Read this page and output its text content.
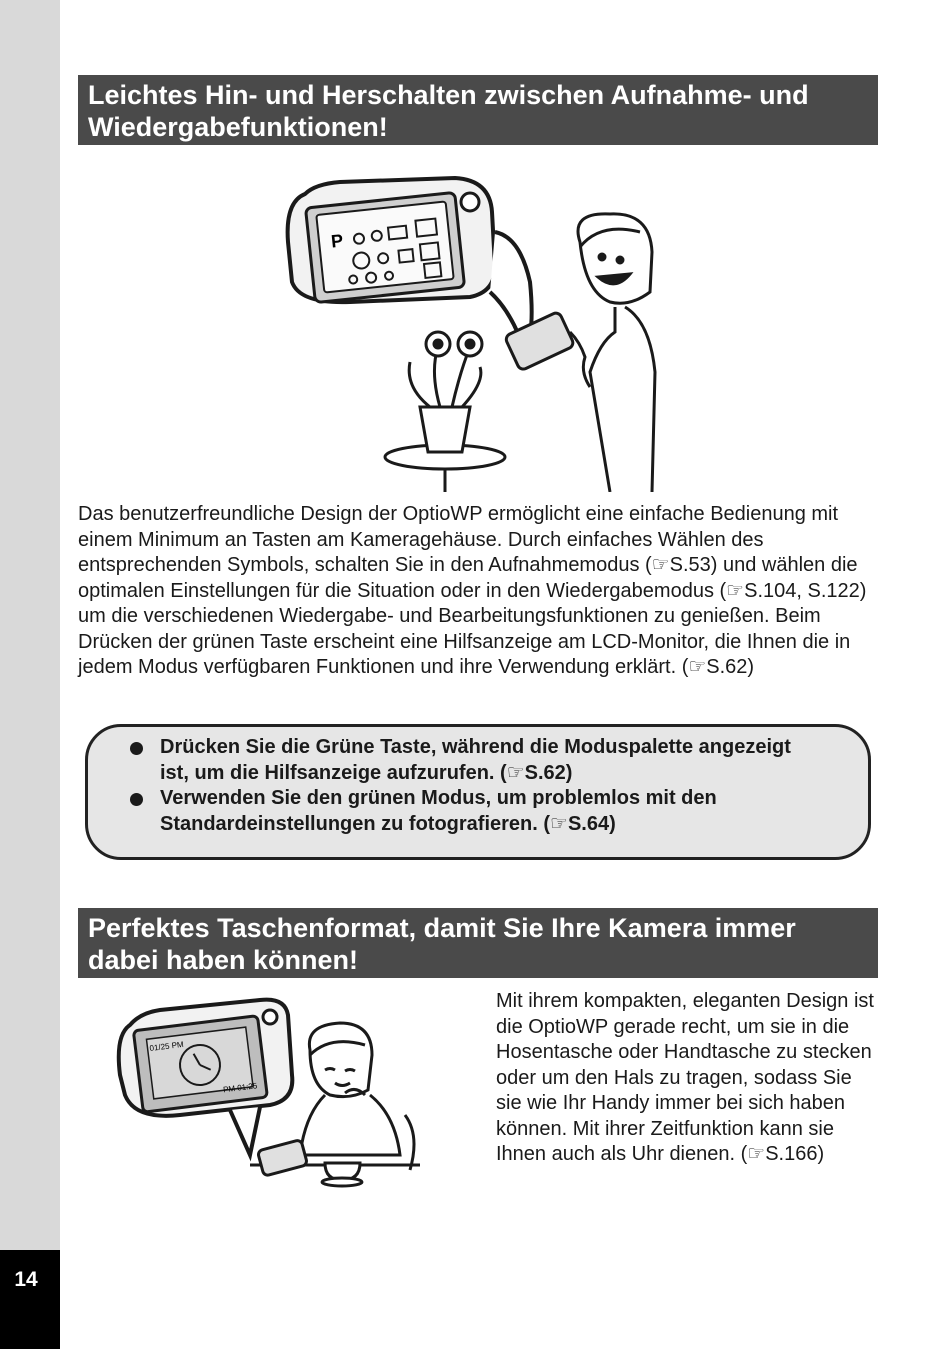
14
Leichtes Hin- und Herschalten zwischen Aufnahme- und Wiedergabefunktionen!
P

Das benutzerfreundliche Design der OptioWP ermöglicht eine einfache Bedienung mit einem Minimum an Tasten am Kameragehäuse. Durch einfaches Wählen des entsprechenden Symbols, schalten Sie in den Aufnahmemodus (☞S.53) und wählen die optimalen Einstellungen für die Situation oder in den Wiedergabemodus (☞S.104, S.122) um die verschiedenen Wiedergabe- und Bearbeitungsfunktionen zu genießen. Beim Drücken der grünen Taste erscheint eine Hilfsanzeige am LCD-Monitor, die Ihnen die in jedem Modus verfügbaren Funktionen und ihre Verwendung erklärt. (☞S.62)

Drücken Sie die Grüne Taste, während die Moduspalette angezeigt ist, um die Hilfsanzeige aufzurufen. (☞S.62)
Verwenden Sie den grünen Modus, um problemlos mit den Standardeinstellungen zu fotografieren. (☞S.64)
Perfektes Taschenformat, damit Sie Ihre Kamera immer dabei haben können!
01/25 PM
PM 01:25

Mit ihrem kompakten, eleganten Design ist die OptioWP gerade recht, um sie in die Hosentasche oder Handtasche zu stecken oder um den Hals zu tragen, sodass Sie sie wie Ihr Handy immer bei sich haben können. Mit ihrer Zeitfunktion kann sie Ihnen auch als Uhr dienen. (☞S.166)
